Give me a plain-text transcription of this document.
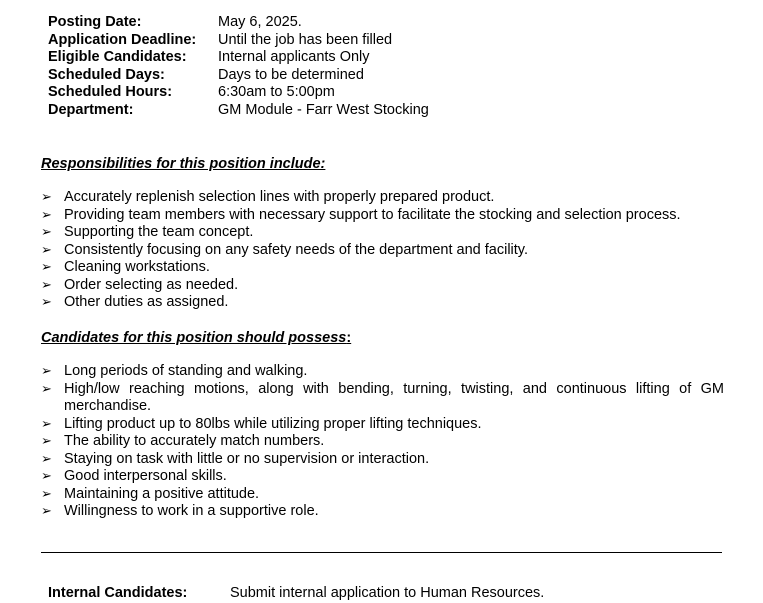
Posting Date:	May 6, 2025.
Application Deadline:	Until the job has been filled
Eligible Candidates:	Internal applicants Only
Scheduled Days:	Days to be determined
Scheduled Hours:	6:30am to 5:00pm
Department:	GM Module - Farr West Stocking
Responsibilities for this position include:
➢ Accurately replenish selection lines with properly prepared product.
➢ Providing team members with necessary support to facilitate the stocking and selection process.
➢ Supporting the team concept.
➢ Consistently focusing on any safety needs of the department and facility.
➢ Cleaning workstations.
➢ Order selecting as needed.
➢ Other duties as assigned.
Candidates for this position should possess:
➢ Long periods of standing and walking.
➢ High/low reaching motions, along with bending, turning, twisting, and continuous lifting of GM merchandise.
➢ Lifting product up to 80lbs while utilizing proper lifting techniques.
➢ The ability to accurately match numbers.
➢ Staying on task with little or no supervision or interaction.
➢ Good interpersonal skills.
➢ Maintaining a positive attitude.
➢ Willingness to work in a supportive role.
Internal Candidates:	Submit internal application to Human Resources.
